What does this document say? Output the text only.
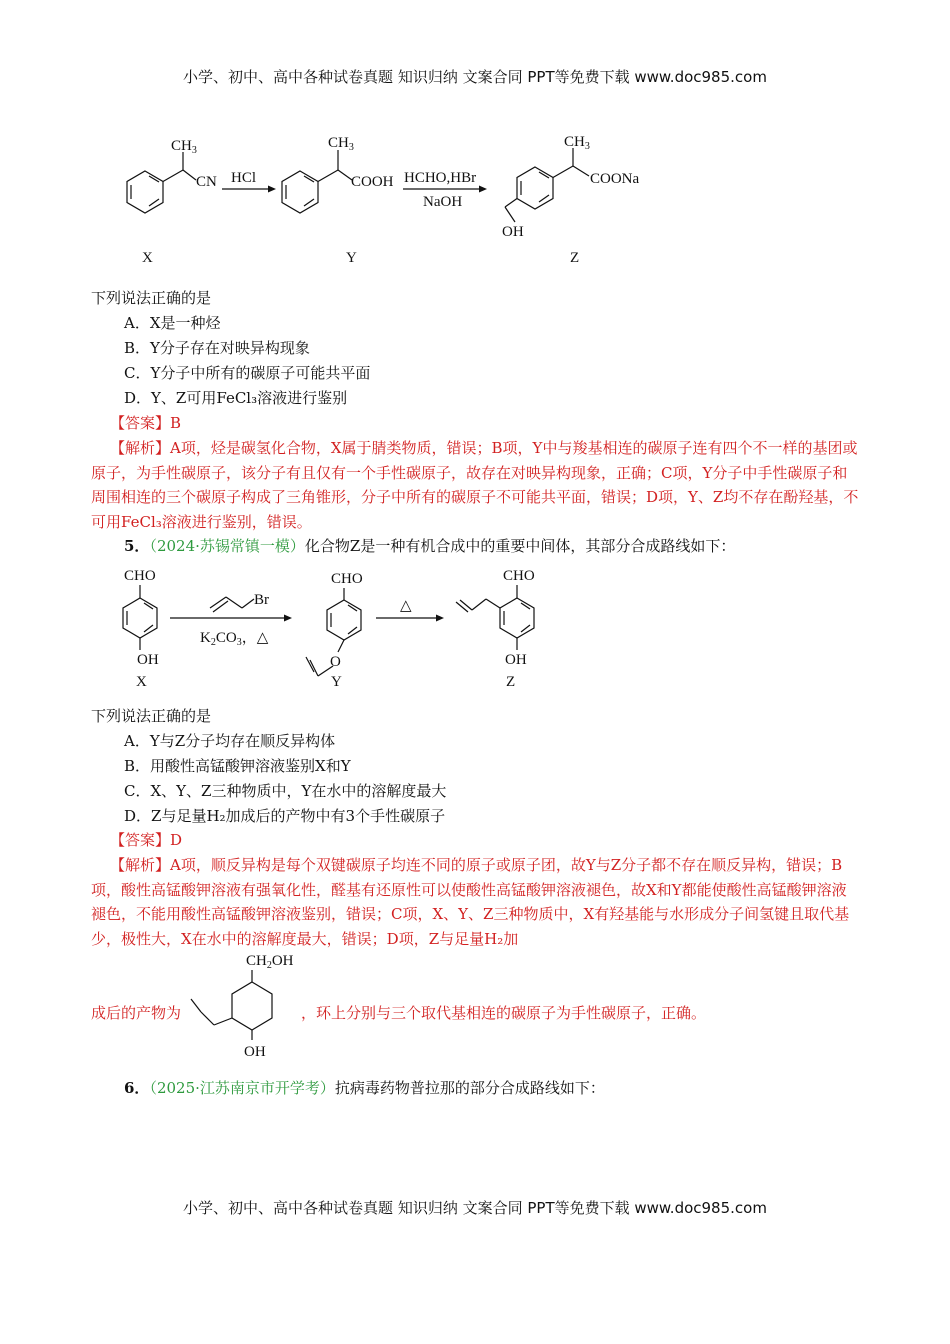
小学、初中、高中各种试卷真题 知识归纳 文案合同 PPT等免费下载 www.doc985.com
$CH_3$
CN HCl
$CH_3$
COOH HCHO,HBr
NaOH
$CH_3$
COONa
OH
X	Y	Z
下列说法正确的是
A．X是一种烃
B．Y分子存在对映异构现象
C．Y分子中所有的碳原子可能共平面
D．Y、Z可用FeCl₃溶液进行鉴别
【答案】B
【解析】A项，烃是碳氢化合物，X属于腈类物质，错误；B项，Y中与羧基相连的碳原子连有四个不一样的基团或原子，为手性碳原子，该分子有且仅有一个手性碳原子，故存在对映异构现象，正确；C项，Y分子中手性碳原子和周围相连的三个碳原子构成了三角锥形，分子中所有的碳原子不可能共平面，错误；D项，Y、Z均不存在酚羟基，不可用FeCl₃溶液进行鉴别，错误。
5．（2024·苏锡常镇一模）化合物Z是一种有机合成中的重要中间体，其部分合成路线如下：
CHO
OH
X
Br
CHO
O
Y
△
CHO
OH
Z
$K_2CO_3$，△
下列说法正确的是
A．Y与Z分子均存在顺反异构体
B．用酸性高锰酸钾溶液鉴别X和Y
C．X、Y、Z三种物质中，Y在水中的溶解度最大
D．Z与足量H₂加成后的产物中有3个手性碳原子
【答案】D
【解析】A项，顺反异构是每个双键碳原子均连不同的原子或原子团，故Y与Z分子都不存在顺反异构，错误；B项，酸性高锰酸钾溶液有强氧化性，醛基有还原性可以使酸性高锰酸钾溶液褪色，故X和Y都能使酸性高锰酸钾溶液褪色，不能用酸性高锰酸钾溶液鉴别，错误；C项，X、Y、Z三种物质中，X有羟基能与水形成分子间氢键且取代基少，极性大，X在水中的溶解度最大，错误；D项，Z与足量H₂加
成后的产物为
$CH_2OH$
OH
，环上分别与三个取代基相连的碳原子为手性碳原子，正确。
6．（2025·江苏南京市开学考）抗病毒药物普拉那的部分合成路线如下：
小学、初中、高中各种试卷真题 知识归纳 文案合同 PPT等免费下载 www.doc985.com
